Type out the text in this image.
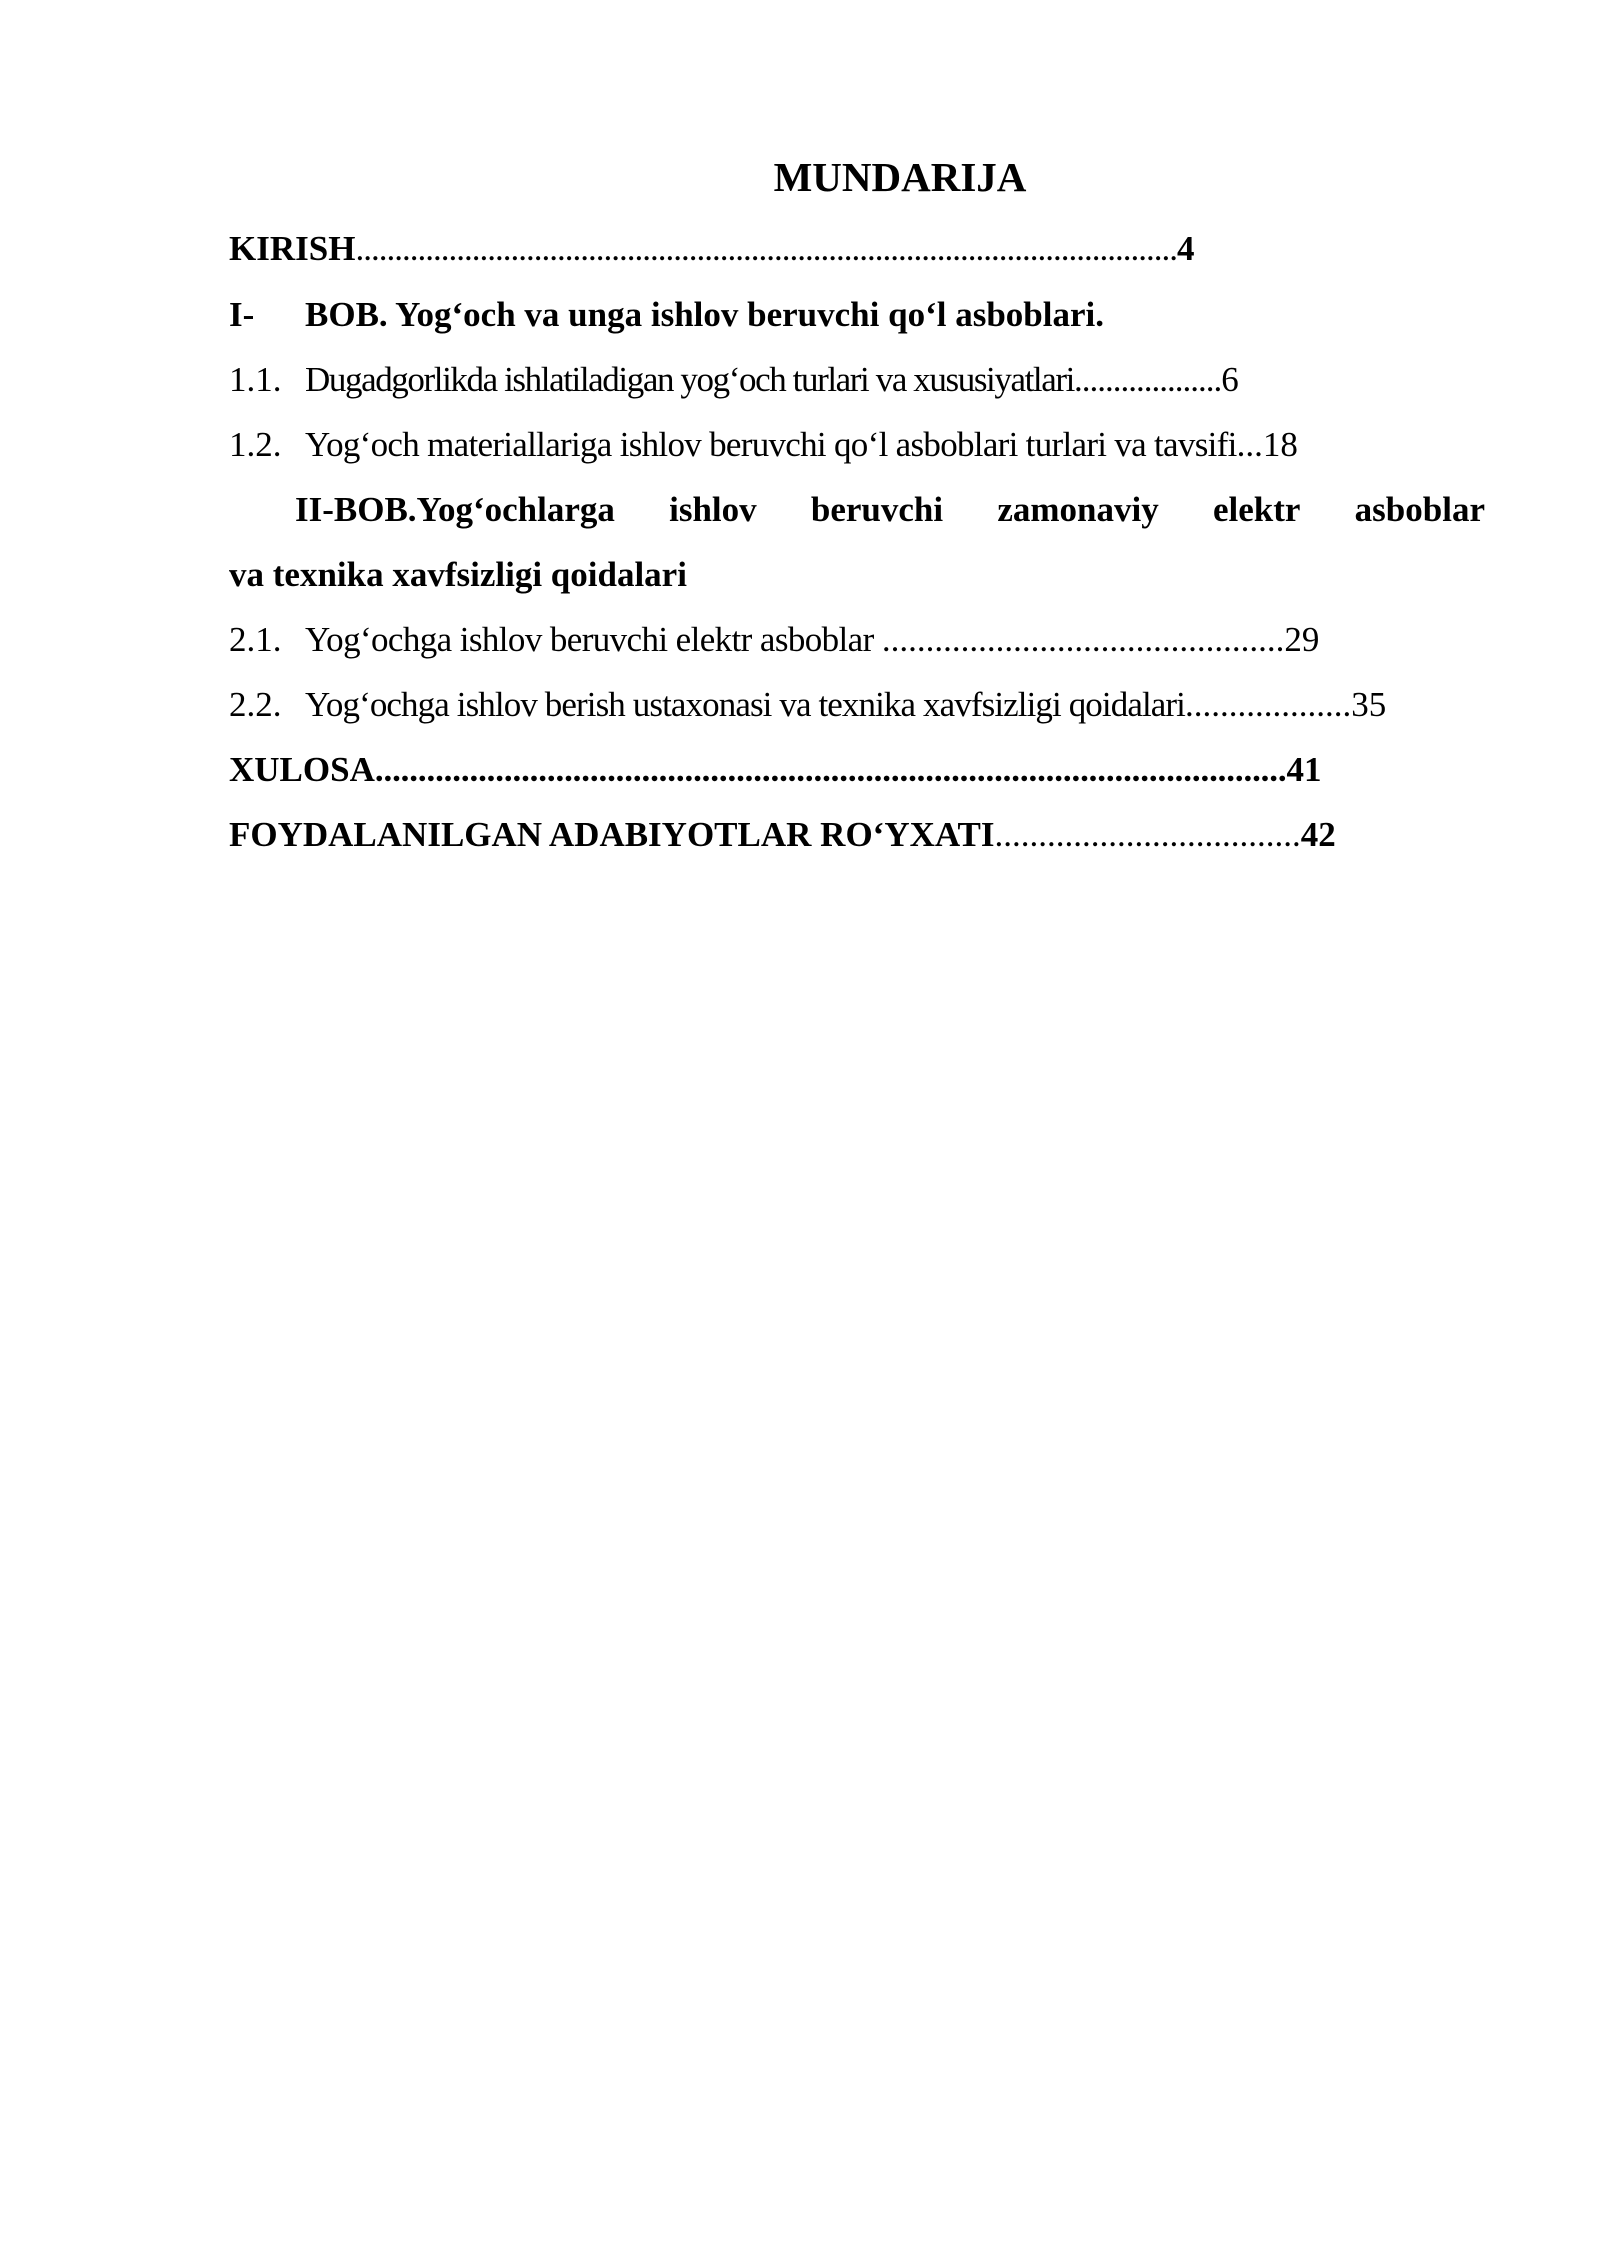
MUNDARIJA
KIRISH..........................................................................................................4
I- BOB. Yog‘och va unga ishlov beruvchi qo‘l asboblari.
1.1. Dugadgorlikda ishlatiladigan yog‘och turlari va xususiyatlari...................6
1.2. Yog‘och materiallariga ishlov beruvchi qo‘l asboblari turlari va tavsifi...18
II-BOB.Yog‘ochlarga ishlov beruvchi zamonaviy elektr asboblar
va texnika xavfsizligi qoidalari
2.1. Yog‘ochga ishlov beruvchi elektr asboblar ..............................................29
2.2. Yog‘ochga ishlov berish ustaxonasi va texnika xavfsizligi qoidalari...................35
XULOSA..........................................................................................................41
FOYDALANILGAN ADABIYOTLAR RO‘YXATI...................................42
